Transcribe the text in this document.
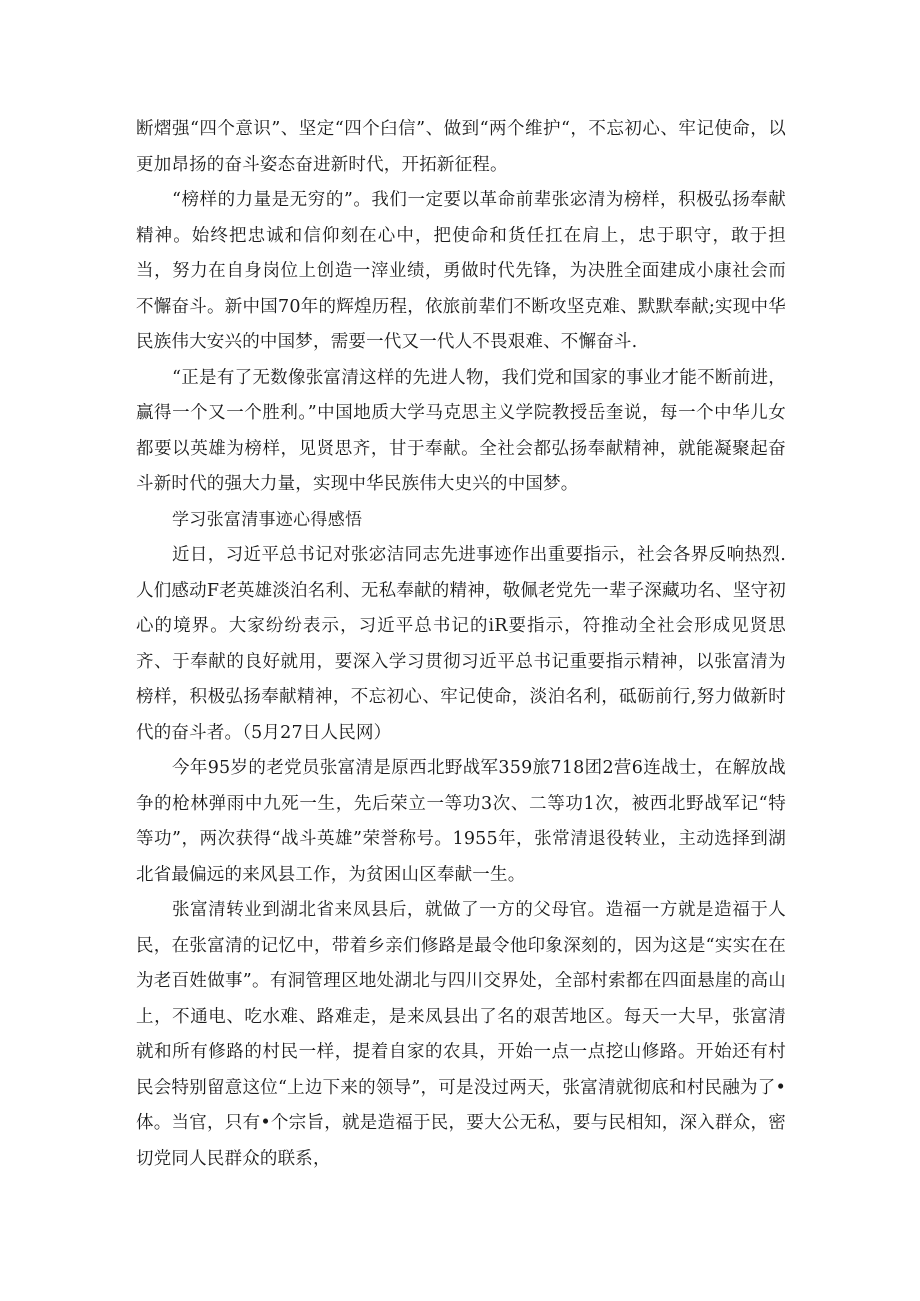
断熠强“四个意识”、坚定“四个臼信”、做到“两个维护“，不忘初心、牢记使命，以更加昂扬的奋斗姿态奋进新时代，开拓新征程。

“榜样的力量是无穷的”。我们一定要以革命前辈张宓清为榜样，积极弘扬奉献精神。始终把忠诚和信仰刻在心中，把使命和货任扛在肩上，忠于职守，敢于担当，努力在自身岗位上创造一滓业绩，勇做时代先锋，为决胜全面建成小康社会而不懈奋斗。新中国70年的辉煌历程，依旅前辈们不断攻坚克难、默默奉献;实现中华民族伟大安兴的中国梦，需要一代又一代人不畏艰难、不懈奋斗.

“正是有了无数像张富清这样的先进人物，我们党和国家的事业才能不断前进，赢得一个又一个胜利。”中国地质大学马克思主义学院教授岳奎说，每一个中华儿女都要以英雄为榜样，见贤思齐，甘于奉献。全社会都弘扬奉献精神，就能凝聚起奋斗新时代的强大力量，实现中华民族伟大史兴的中国梦。

学习张富清事迹心得感悟

近日，习近平总书记对张宓洁同志先进事迹作出重要指示，社会各界反响热烈.人们感动F老英雄淡泊名利、无私奉献的精神，敬佩老党先一辈子深藏功名、坚守初心的境界。大家纷纷表示，习近平总书记的iR要指示，符推动全社会形成见贤思齐、于奉献的良好就用，要深入学习贯彻习近平总书记重要指示精神，以张富清为榜样，积极弘扬奉献精神，不忘初心、牢记使命，淡泊名利，砥砺前行,努力做新时代的奋斗者。（5月27日人民网）

今年95岁的老党员张富清是原西北野战军359旅718团2营6连战士，在解放战争的枪林弹雨中九死一生，先后荣立一等功3次、二等功1次，被西北野战军记“特等功”，两次获得“战斗英雄”荣誉称号。1955年，张常清退役转业，主动选择到湖北省最偏远的来风县工作，为贫困山区奉献一生。

张富清转业到湖北省来凤县后，就做了一方的父母官。造福一方就是造福于人民，在张富清的记忆中，带着乡亲们修路是最令他印象深刻的，因为这是“实实在在为老百姓做事”。有洞管理区地处湖北与四川交界处，全部村索都在四面悬崖的高山上，不通电、吃水难、路难走，是来凤县出了名的艰苦地区。每天一大早，张富清就和所有修路的村民一样，提着自家的农具，开始一点一点挖山修路。开始还有村民会特别留意这位“上边下来的领导”，可是没过两天，张富清就彻底和村民融为了•体。当官，只有•个宗旨，就是造福于民，要大公无私，要与民相知，深入群众，密切党同人民群众的联系，
